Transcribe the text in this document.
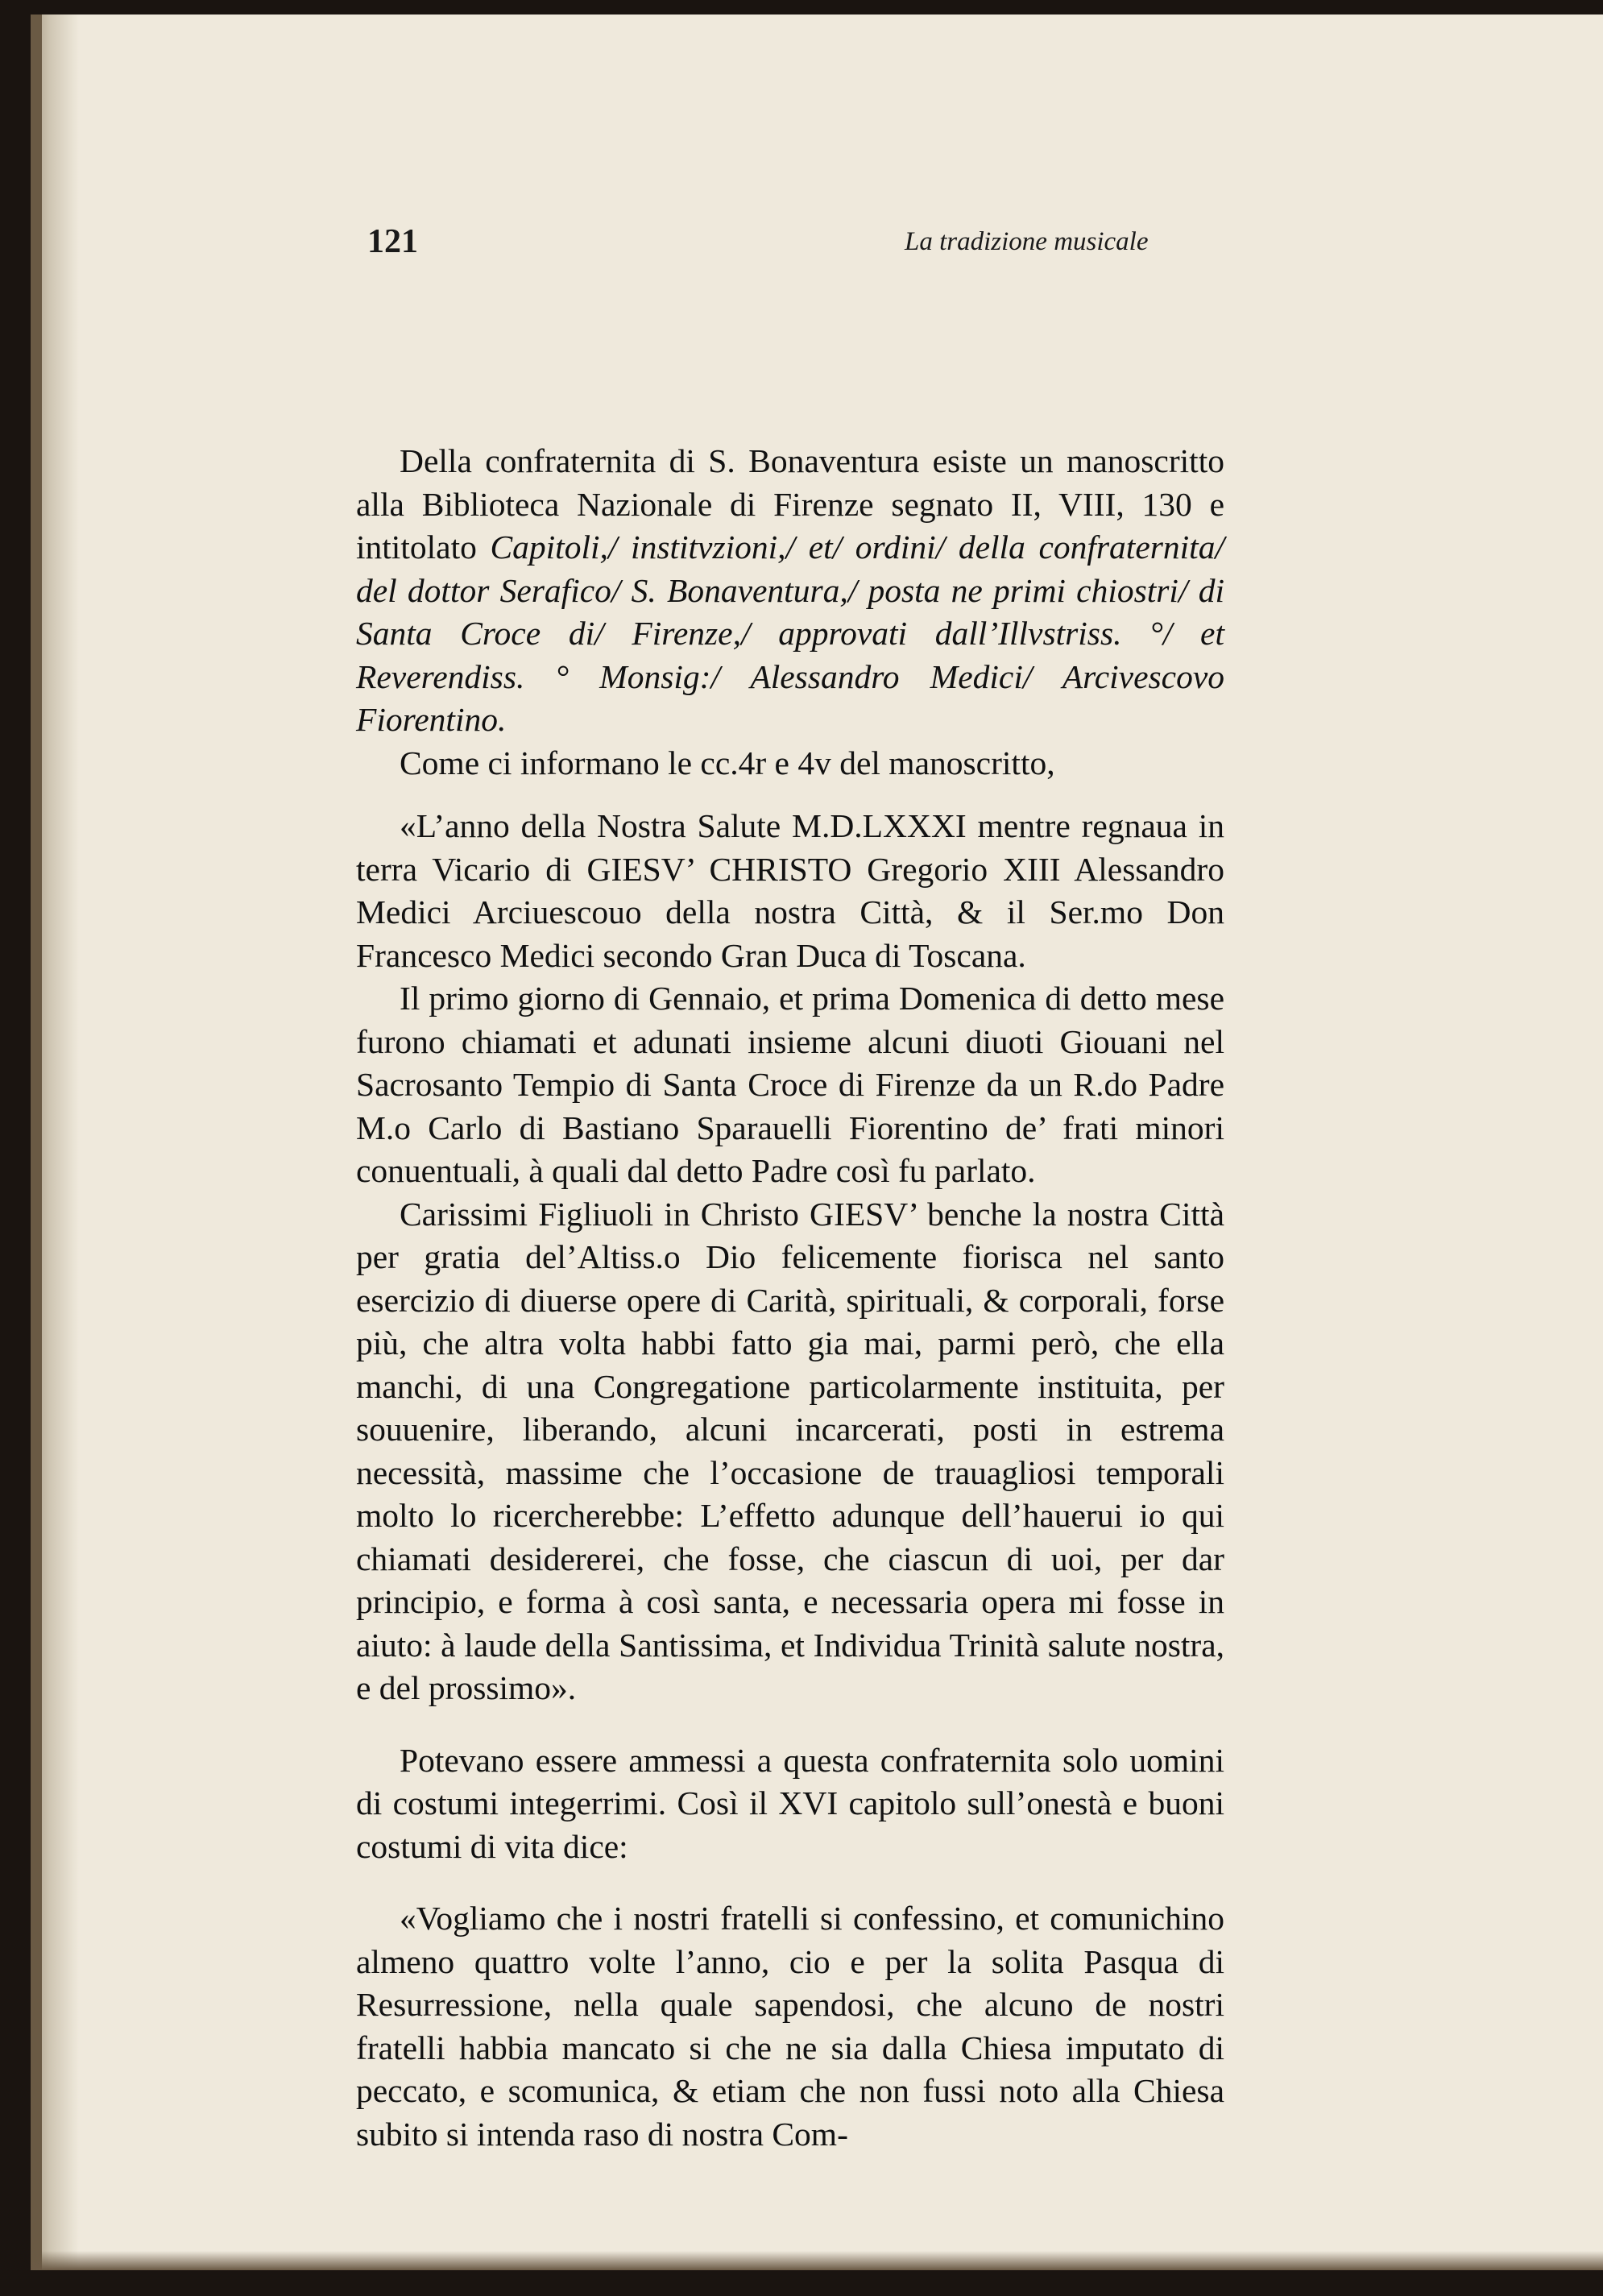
121	La tradizione musicale

Della confraternita di S. Bonaventura esiste un manoscritto alla Biblioteca Nazionale di Firenze segnato II, VIII, 130 e intitolato Capitoli,/ institvzioni,/ et/ ordini/ della confraternita/ del dottor Serafico/ S. Bonaventura,/ posta ne primi chiostri/ di Santa Croce di/ Firenze,/ approvati dall’Illvstriss. °/ et Reverendiss. ° Monsig:/ Alessandro Medici/ Arcivescovo Fiorentino.

Come ci informano le cc.4r e 4v del manoscritto,

«L’anno della Nostra Salute M.D.LXXXI mentre regnaua in terra Vicario di GIESV’ CHRISTO Gregorio XIII Alessandro Medici Arciuescouo della nostra Città, & il Ser.mo Don Francesco Medici secondo Gran Duca di Toscana.

Il primo giorno di Gennaio, et prima Domenica di detto mese furono chiamati et adunati insieme alcuni diuoti Giouani nel Sacrosanto Tempio di Santa Croce di Firenze da un R.do Padre M.o Carlo di Bastiano Sparauelli Fiorentino de’ frati minori conuentuali, à quali dal detto Padre così fu parlato.

Carissimi Figliuoli in Christo GIESV’ benche la nostra Città per gratia del’Altiss.o Dio felicemente fiorisca nel santo esercizio di diuerse opere di Carità, spirituali, & corporali, forse più, che altra volta habbi fatto gia mai, parmi però, che ella manchi, di una Congregatione particolarmente instituita, per souuenire, liberando, alcuni incarcerati, posti in estrema necessità, massime che l’occasione de trauagliosi temporali molto lo ricercherebbe: L’effetto adunque dell’hauerui io qui chiamati desidererei, che fosse, che ciascun di uoi, per dar principio, e forma à così santa, e necessaria opera mi fosse in aiuto: à laude della Santissima, et Individua Trinità salute nostra, e del prossimo».

Potevano essere ammessi a questa confraternita solo uomini di costumi integerrimi. Così il XVI capitolo sull’onestà e buoni costumi di vita dice:

«Vogliamo che i nostri fratelli si confessino, et comunichino almeno quattro volte l’anno, cio e per la solita Pasqua di Resurressione, nella quale sapendosi, che alcuno de nostri fratelli habbia mancato si che ne sia dalla Chiesa imputato di peccato, e scomunica, & etiam che non fussi noto alla Chiesa subito si intenda raso di nostra Com-
